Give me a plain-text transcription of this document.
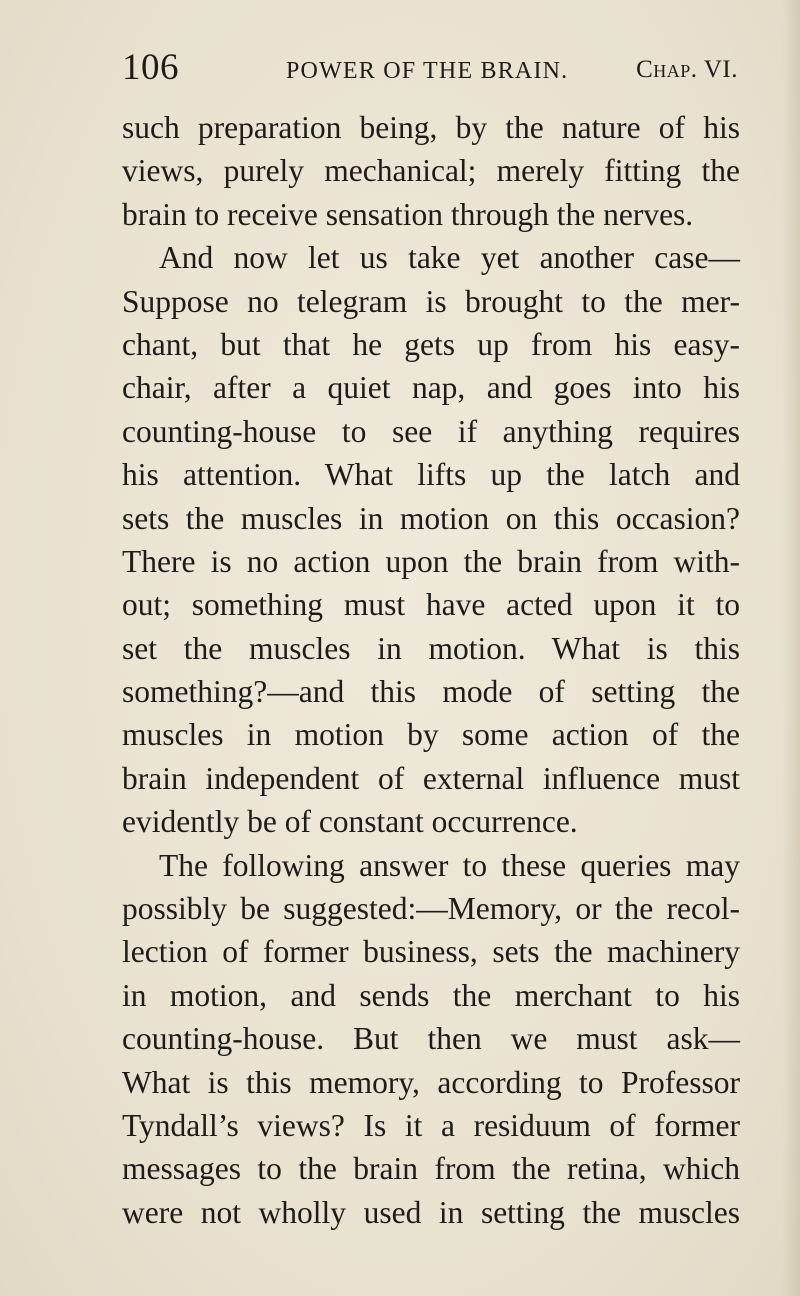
106	POWER OF THE BRAIN.	Chap. VI.
such preparation being, by the nature of his
views, purely mechanical; merely fitting the
brain to receive sensation through the nerves.
And now let us take yet another case—
Suppose no telegram is brought to the mer-
chant, but that he gets up from his easy-
chair, after a quiet nap, and goes into his
counting-house to see if anything requires
his attention. What lifts up the latch and
sets the muscles in motion on this occasion?
There is no action upon the brain from with-
out; something must have acted upon it to
set the muscles in motion. What is this
something?—and this mode of setting the
muscles in motion by some action of the
brain independent of external influence must
evidently be of constant occurrence.
The following answer to these queries may
possibly be suggested:—Memory, or the recol-
lection of former business, sets the machinery
in motion, and sends the merchant to his
counting-house. But then we must ask—
What is this memory, according to Professor
Tyndall’s views? Is it a residuum of former
messages to the brain from the retina, which
were not wholly used in setting the muscles
